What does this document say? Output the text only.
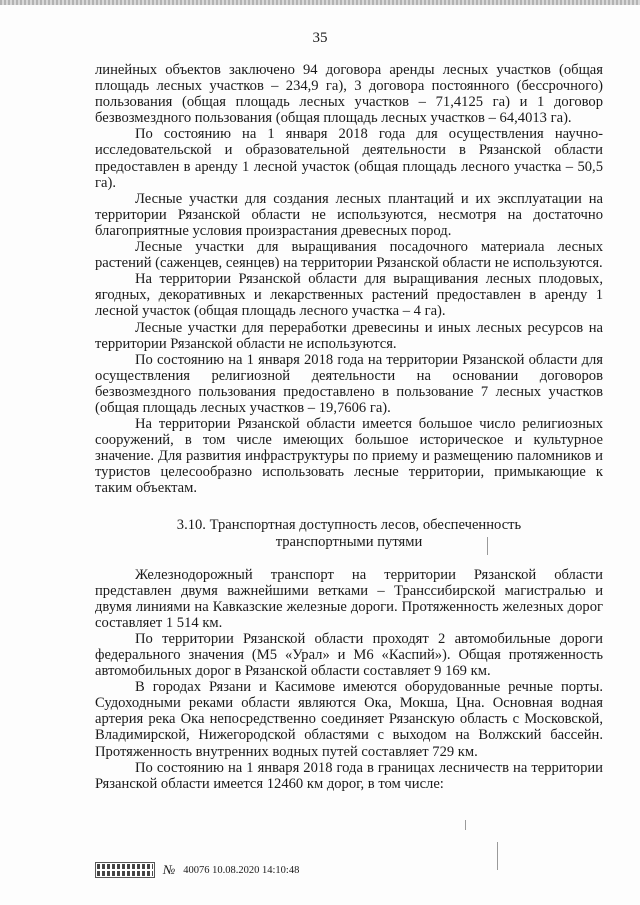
35

линейных объектов заключено 94 договора аренды лесных участков (общая площадь лесных участков – 234,9 га), 3 договора постоянного (бессрочного) пользования (общая площадь лесных участков – 71,4125 га) и 1 договор безвозмездного пользования (общая площадь лесных участков – 64,4013 га).

По состоянию на 1 января 2018 года для осуществления научно-исследовательской и образовательной деятельности в Рязанской области предоставлен в аренду 1 лесной участок (общая площадь лесного участка – 50,5 га).

Лесные участки для создания лесных плантаций и их эксплуатации на территории Рязанской области не используются, несмотря на достаточно благоприятные условия произрастания древесных пород.

Лесные участки для выращивания посадочного материала лесных растений (саженцев, сеянцев) на территории Рязанской области не используются.

На территории Рязанской области для выращивания лесных плодовых, ягодных, декоративных и лекарственных растений предоставлен в аренду 1 лесной участок (общая площадь лесного участка – 4 га).

Лесные участки для переработки древесины и иных лесных ресурсов на территории Рязанской области не используются.

По состоянию на 1 января 2018 года на территории Рязанской области для осуществления религиозной деятельности на основании договоров безвозмездного пользования предоставлено в пользование 7 лесных участков (общая площадь лесных участков – 19,7606 га).

На территории Рязанской области имеется большое число религиозных сооружений, в том числе имеющих большое историческое и культурное значение. Для развития инфраструктуры по приему и размещению паломников и туристов целесообразно использовать лесные территории, примыкающие к таким объектам.

3.10. Транспортная доступность лесов, обеспеченность
транспортными путями

Железнодорожный транспорт на территории Рязанской области представлен двумя важнейшими ветками – Транссибирской магистралью и двумя линиями на Кавказские железные дороги. Протяженность железных дорог составляет 1 514 км.

По территории Рязанской области проходят 2 автомобильные дороги федерального значения (М5 «Урал» и М6 «Каспий»). Общая протяженность автомобильных дорог в Рязанской области составляет 9 169 км.

В городах Рязани и Касимове имеются оборудованные речные порты. Судоходными реками области являются Ока, Мокша, Цна. Основная водная артерия река Ока непосредственно соединяет Рязанскую область с Московской, Владимирской, Нижегородской областями с выходом на Волжский бассейн. Протяженность внутренних водных путей составляет 729 км.

По состоянию на 1 января 2018 года в границах лесничеств на территории Рязанской области имеется 12460 км дорог, в том числе:

№ 40076 10.08.2020 14:10:48
